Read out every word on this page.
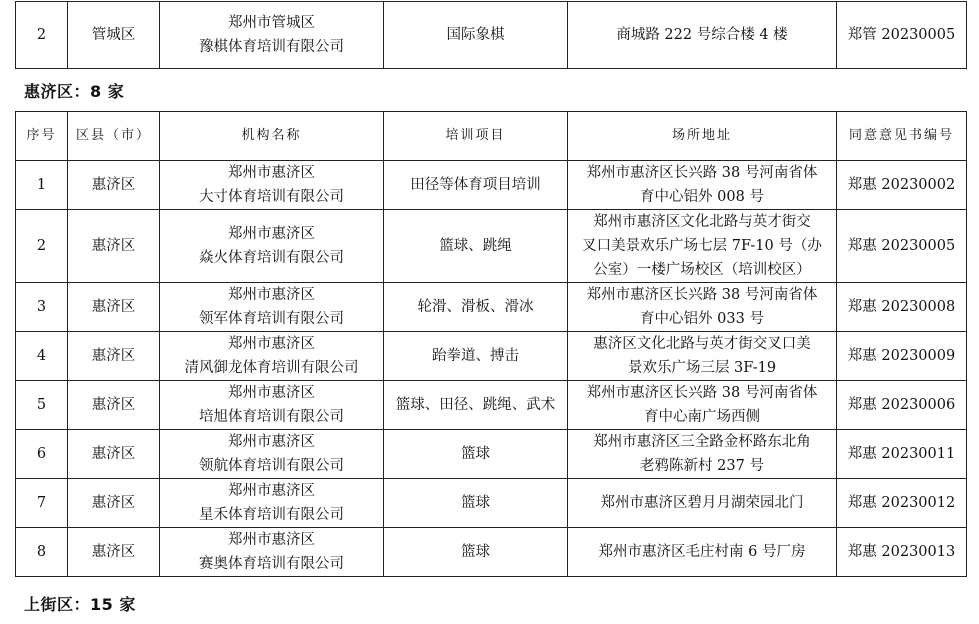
2	管城区	
郑州市管城区
豫棋体育培训有限公司
	国际象棋	商城路 222 号综合楼 4 楼	郑管 20230005

惠济区：8 家

序号	区县（市）	机构名称	培训项目	场所地址	同意意见书编号
1	惠济区	郑州市惠济区
大寸体育培训有限公司	田径等体育项目培训	郑州市惠济区长兴路 38 号河南省体
育中心铝外 008 号	郑惠 20230002
2	惠济区	郑州市惠济区
焱火体育培训有限公司	篮球、跳绳	郑州市惠济区文化北路与英才街交
叉口美景欢乐广场七层 7F-10 号（办
公室）一楼广场校区（培训校区）	郑惠 20230005
3	惠济区	郑州市惠济区
领军体育培训有限公司	轮滑、滑板、滑冰	郑州市惠济区长兴路 38 号河南省体
育中心铝外 033 号	郑惠 20230008
4	惠济区	郑州市惠济区
清风御龙体育培训有限公司	跆拳道、搏击	惠济区文化北路与英才街交叉口美
景欢乐广场三层 3F-19	郑惠 20230009
5	惠济区	郑州市惠济区
培旭体育培训有限公司	篮球、田径、跳绳、武术	郑州市惠济区长兴路 38 号河南省体
育中心南广场西侧	郑惠 20230006
6	惠济区	郑州市惠济区
领航体育培训有限公司	篮球	郑州市惠济区三全路金杯路东北角
老鸦陈新村 237 号	郑惠 20230011
7	惠济区	郑州市惠济区
星禾体育培训有限公司	篮球	郑州市惠济区碧月月湖荣园北门	郑惠 20230012
8	惠济区	郑州市惠济区
赛奥体育培训有限公司	篮球	郑州市惠济区毛庄村南 6 号厂房	郑惠 20230013

上街区：15 家
